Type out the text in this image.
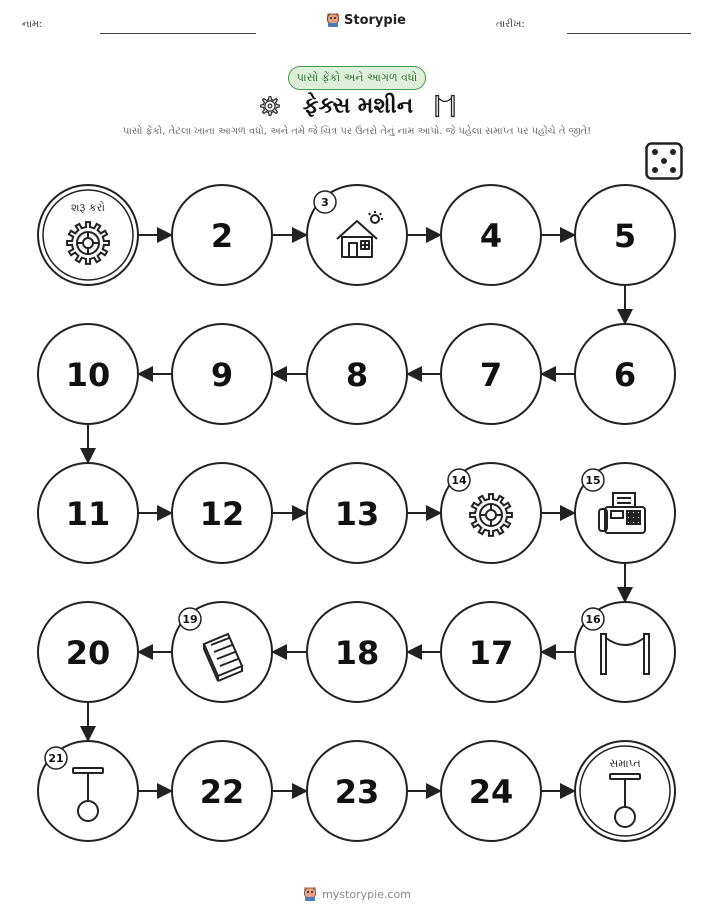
નામ:	Storypie	તારીખ:
પાસો ફેંકો અને આગળ વધો
ફેક્સ મશીન
પાસો ફેંકો, તેટલા ખાના આગળ વધો, અને તમે જે ચિત્ર પર ઉતરો તેનું નામ આપો. જે પહેલા સમાપ્ત પર પહોંચે તે જીતે!
શરૂ કરો
2
3
4	5
6
7
8
9
10
11	12	13
14	15
16
17
18
19
20
21
22	23	24
સમાપ્ત
mystorypie.com
